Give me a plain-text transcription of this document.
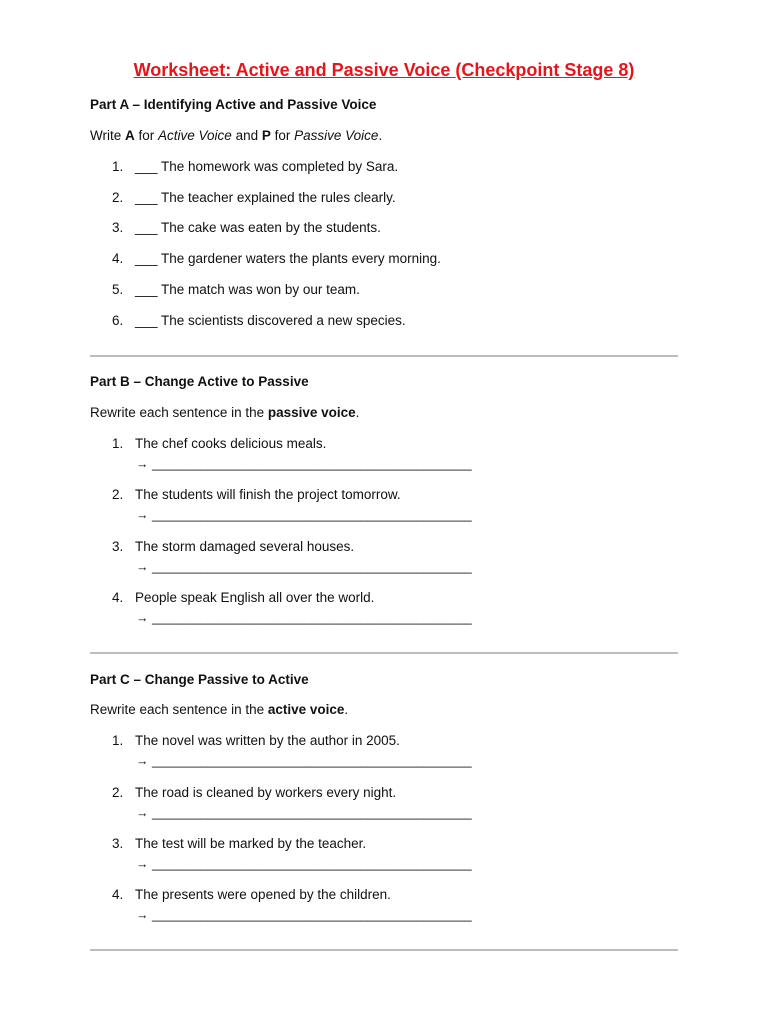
Worksheet: Active and Passive Voice (Checkpoint Stage 8)
Part A – Identifying Active and Passive Voice
Write A for Active Voice and P for Passive Voice.
1. ___ The homework was completed by Sara.
2. ___ The teacher explained the rules clearly.
3. ___ The cake was eaten by the students.
4. ___ The gardener waters the plants every morning.
5. ___ The match was won by our team.
6. ___ The scientists discovered a new species.
Part B – Change Active to Passive
Rewrite each sentence in the passive voice.
1. The chef cooks delicious meals.
→ ______________________________________________
2. The students will finish the project tomorrow.
→ ______________________________________________
3. The storm damaged several houses.
→ ______________________________________________
4. People speak English all over the world.
→ ______________________________________________
Part C – Change Passive to Active
Rewrite each sentence in the active voice.
1. The novel was written by the author in 2005.
→ ______________________________________________
2. The road is cleaned by workers every night.
→ ______________________________________________
3. The test will be marked by the teacher.
→ ______________________________________________
4. The presents were opened by the children.
→ ______________________________________________
